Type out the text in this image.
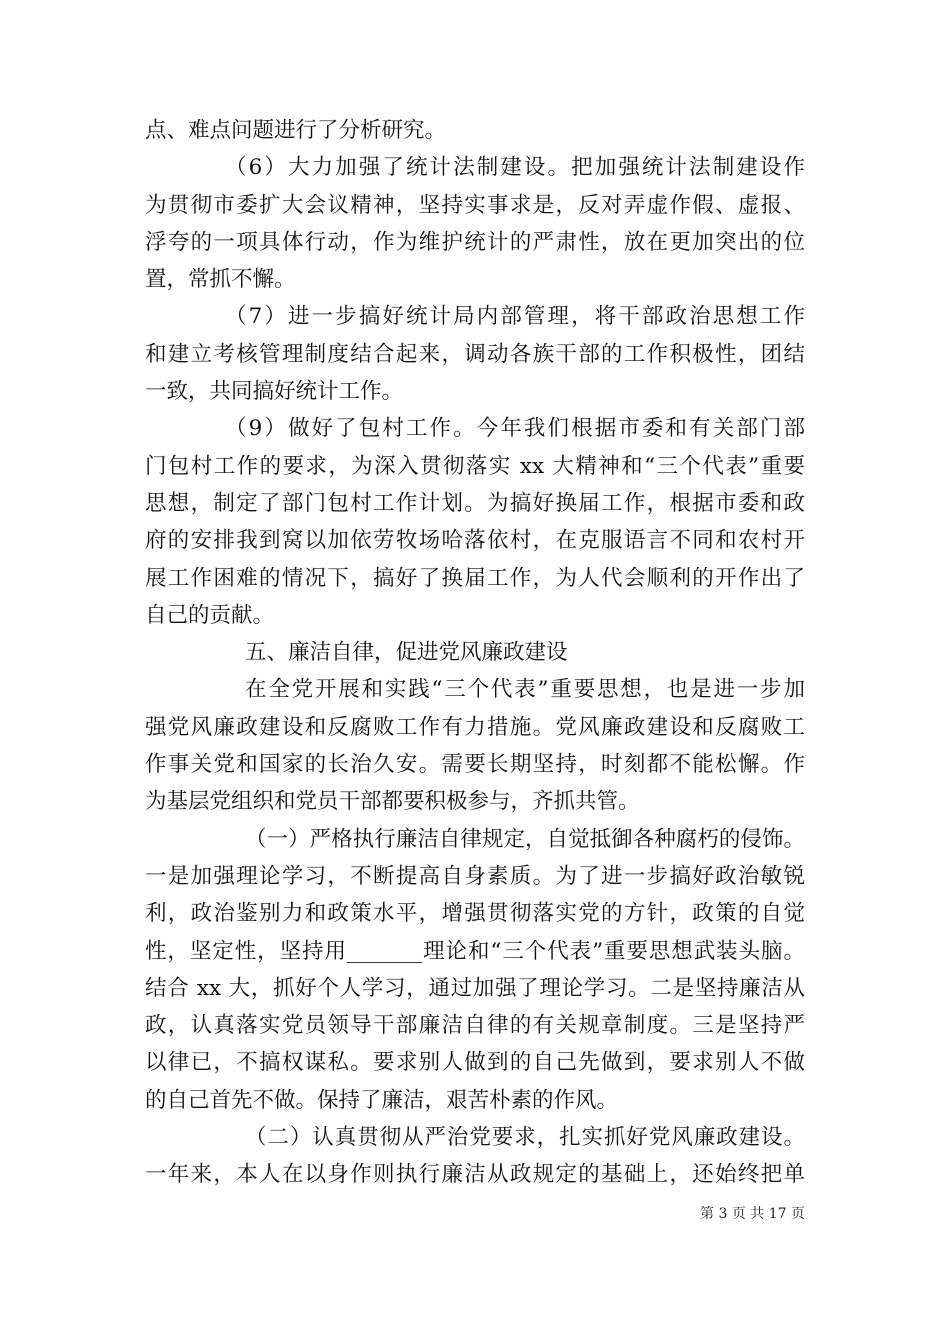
点、难点问题进行了分析研究。
（6）大力加强了统计法制建设。把加强统计法制建设作
为贯彻市委扩大会议精神，坚持实事求是，反对弄虚作假、虚报、
浮夸的一项具体行动，作为维护统计的严肃性，放在更加突出的位
置，常抓不懈。
（7）进一步搞好统计局内部管理，将干部政治思想工作
和建立考核管理制度结合起来，调动各族干部的工作积极性，团结
一致，共同搞好统计工作。
（9）做好了包村工作。今年我们根据市委和有关部门部
门包村工作的要求，为深入贯彻落实 xx 大精神和“三个代表”重要
思想，制定了部门包村工作计划。为搞好换届工作，根据市委和政
府的安排我到窝以加依劳牧场哈落依村，在克服语言不同和农村开
展工作困难的情况下，搞好了换届工作，为人代会顺利的开作出了
自己的贡献。
五、廉洁自律，促进党风廉政建设
在全党开展和实践“三个代表”重要思想，也是进一步加
强党风廉政建设和反腐败工作有力措施。党风廉政建设和反腐败工
作事关党和国家的长治久安。需要长期坚持，时刻都不能松懈。作
为基层党组织和党员干部都要积极参与，齐抓共管。
（一）严格执行廉洁自律规定，自觉抵御各种腐朽的侵饰。
一是加强理论学习，不断提高自身素质。为了进一步搞好政治敏锐
利，政治鉴别力和政策水平，增强贯彻落实党的方针，政策的自觉
性，坚定性，坚持用_______理论和“三个代表”重要思想武装头脑。
结合 xx 大，抓好个人学习，通过加强了理论学习。二是坚持廉洁从
政，认真落实党员领导干部廉洁自律的有关规章制度。三是坚持严
以律已，不搞权谋私。要求别人做到的自己先做到，要求别人不做
的自己首先不做。保持了廉洁，艰苦朴素的作风。
（二）认真贯彻从严治党要求，扎实抓好党风廉政建设。
一年来，本人在以身作则执行廉洁从政规定的基础上，还始终把单
第 3 页 共 17 页
